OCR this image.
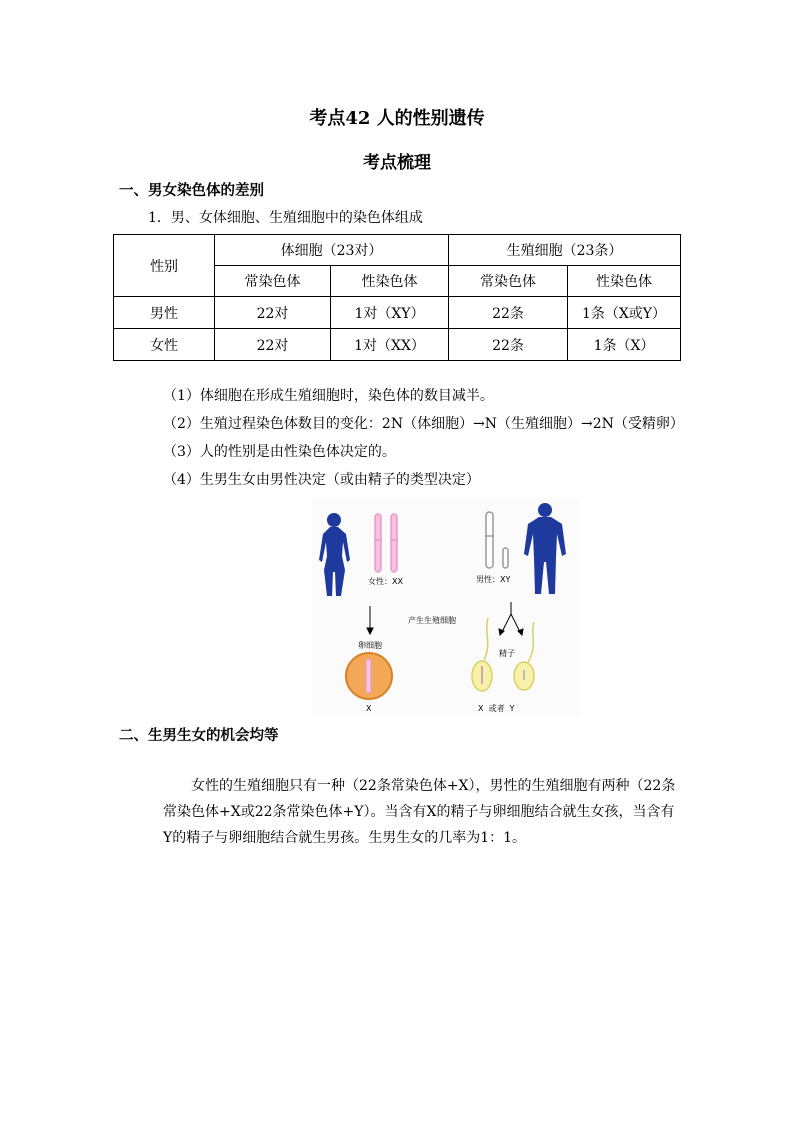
考点42 人的性别遗传
考点梳理
一、男女染色体的差别
1．男、女体细胞、生殖细胞中的染色体组成
性别	体细胞（23对）		生殖细胞（23条）	
	常染色体	性染色体	常染色体	性染色体
男性	22对	1对（XY）	22条	1条（X或Y）
女性	22对	1对（XX）	22条	1条（X）
（1）体细胞在形成生殖细胞时，染色体的数目减半。
（2）生殖过程染色体数目的变化：2N（体细胞）→N（生殖细胞）→2N（受精卵）
（3）人的性别是由性染色体决定的。
（4）生男生女由男性决定（或由精子的类型决定）
女性：XX	男性：XY
产生生殖细胞
卵细胞
X
精子
X  或者  Y
二、生男生女的机会均等
女性的生殖细胞只有一种（22条常染色体+X），男性的生殖细胞有两种（22条常染色体+X或22条常染色体+Y）。当含有X的精子与卵细胞结合就生女孩，当含有Y的精子与卵细胞结合就生男孩。生男生女的几率为1：1。
